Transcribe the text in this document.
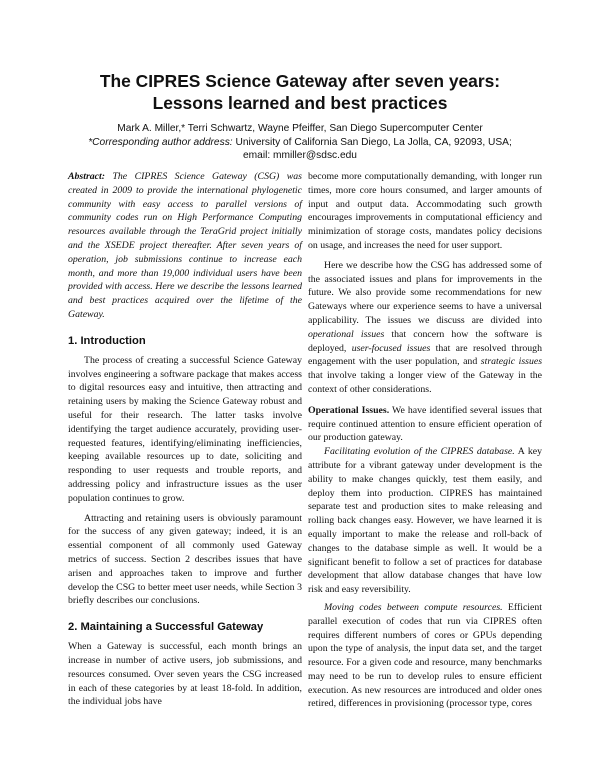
The CIPRES Science Gateway after seven years:
Lessons learned and best practices

Mark A. Miller,* Terri Schwartz, Wayne Pfeiffer, San Diego Supercomputer Center
*Corresponding author address: University of California San Diego, La Jolla, CA, 92093, USA;
email: mmiller@sdsc.edu

Abstract: The CIPRES Science Gateway (CSG) was created in 2009 to provide the international phylogenetic community with easy access to parallel versions of community codes run on High Performance Computing resources available through the TeraGrid project initially and the XSEDE project thereafter. After seven years of operation, job submissions continue to increase each month, and more than 19,000 individual users have been provided with access. Here we describe the lessons learned and best practices acquired over the lifetime of the Gateway.

1. Introduction

The process of creating a successful Science Gateway involves engineering a software package that makes access to digital resources easy and intuitive, then attracting and retaining users by making the Science Gateway robust and useful for their research. The latter tasks involve identifying the target audience accurately, providing user-requested features, identifying/eliminating inefficiencies, keeping available resources up to date, soliciting and responding to user requests and trouble reports, and addressing policy and infrastructure issues as the user population continues to grow.

Attracting and retaining users is obviously paramount for the success of any given gateway; indeed, it is an essential component of all commonly used Gateway metrics of success. Section 2 describes issues that have arisen and approaches taken to improve and further develop the CSG to better meet user needs, while Section 3 briefly describes our conclusions.

2. Maintaining a Successful Gateway

When a Gateway is successful, each month brings an increase in number of active users, job submissions, and resources consumed. Over seven years the CSG increased in each of these categories by at least 18-fold. In addition, the individual jobs have

become more computationally demanding, with longer run times, more core hours consumed, and larger amounts of input and output data. Accommodating such growth encourages improvements in computational efficiency and minimization of storage costs, mandates policy decisions on usage, and increases the need for user support.

Here we describe how the CSG has addressed some of the associated issues and plans for improvements in the future. We also provide some recommendations for new Gateways where our experience seems to have a universal applicability. The issues we discuss are divided into operational issues that concern how the software is deployed, user-focused issues that are resolved through engagement with the user population, and strategic issues that involve taking a longer view of the Gateway in the context of other considerations.

Operational Issues. We have identified several issues that require continued attention to ensure efficient operation of our production gateway.

Facilitating evolution of the CIPRES database. A key attribute for a vibrant gateway under development is the ability to make changes quickly, test them easily, and deploy them into production. CIPRES has maintained separate test and production sites to make releasing and rolling back changes easy. However, we have learned it is equally important to make the release and roll-back of changes to the database simple as well. It would be a significant benefit to follow a set of practices for database development that allow database changes that have low risk and easy reversibility.

Moving codes between compute resources. Efficient parallel execution of codes that run via CIPRES often requires different numbers of cores or GPUs depending upon the type of analysis, the input data set, and the target resource. For a given code and resource, many benchmarks may need to be run to develop rules to ensure efficient execution. As new resources are introduced and older ones retired, differences in provisioning (processor type, cores
